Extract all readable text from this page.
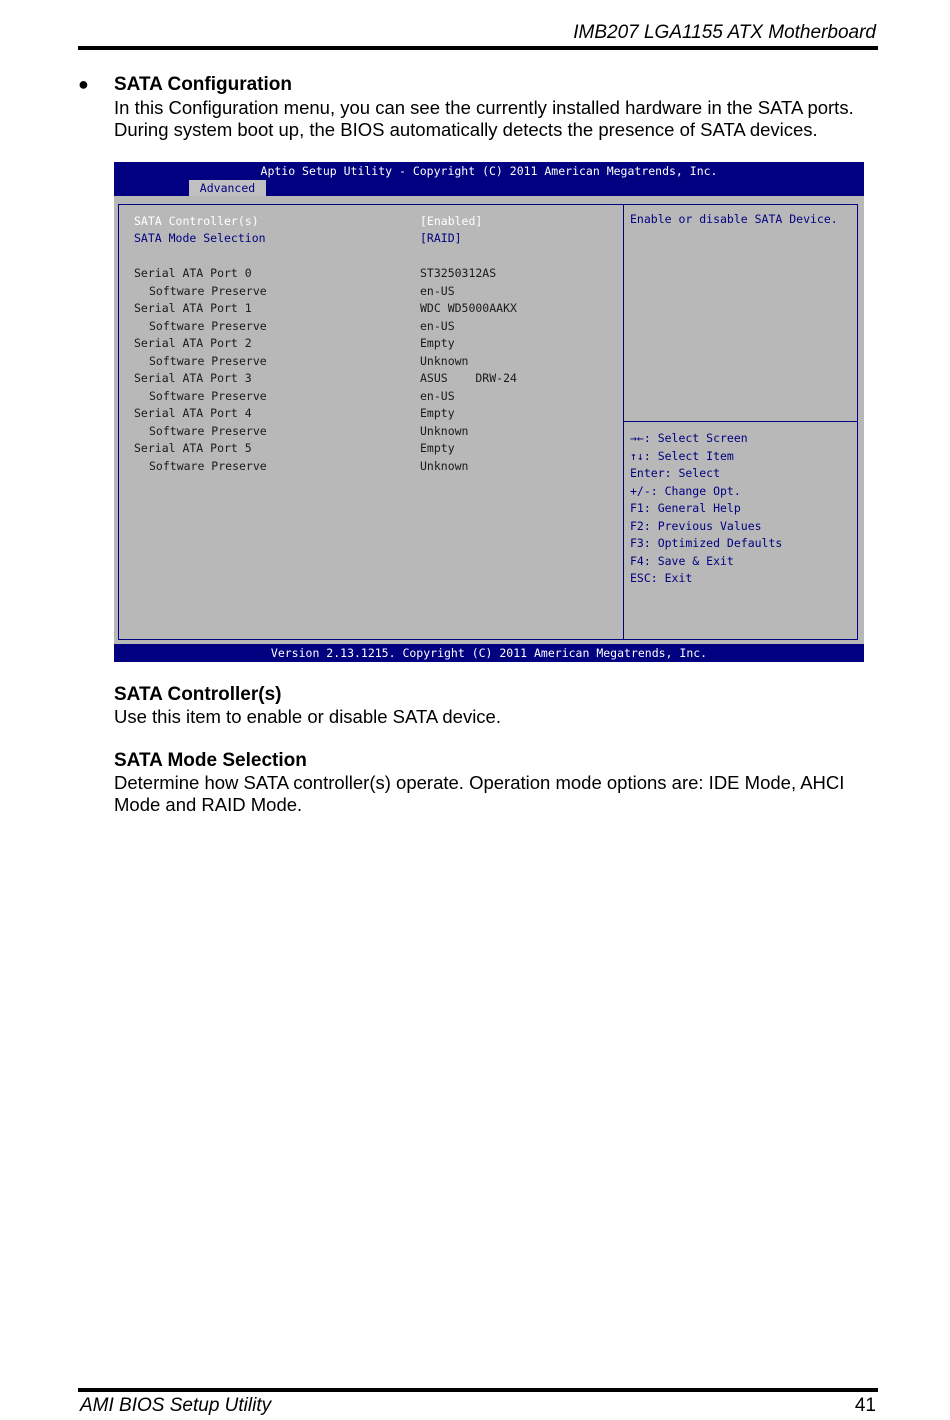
IMB207 LGA1155 ATX Motherboard
● SATA Configuration
In this Configuration menu, you can see the currently installed hardware in the SATA ports.
During system boot up, the BIOS automatically detects the presence of SATA devices.
Aptio Setup Utility - Copyright (C) 2011 American Megatrends, Inc.
Advanced
SATA Controller(s)	[Enabled]
SATA Mode Selection	[RAID]
Serial ATA Port 0	ST3250312AS
Software Preserve	en-US
Serial ATA Port 1	WDC WD5000AAKX
Software Preserve	en-US
Serial ATA Port 2	Empty
Software Preserve	Unknown
Serial ATA Port 3	ASUS    DRW-24
Software Preserve	en-US
Serial ATA Port 4	Empty
Software Preserve	Unknown
Serial ATA Port 5	Empty
Software Preserve	Unknown
Enable or disable SATA Device.
→←: Select Screen
↑↓: Select Item
Enter: Select
+/-: Change Opt.
F1: General Help
F2: Previous Values
F3: Optimized Defaults
F4: Save & Exit
ESC: Exit
Version 2.13.1215. Copyright (C) 2011 American Megatrends, Inc.
SATA Controller(s)
Use this item to enable or disable SATA device.
SATA Mode Selection
Determine how SATA controller(s) operate. Operation mode options are: IDE Mode, AHCI Mode and RAID Mode.
AMI BIOS Setup Utility	41
